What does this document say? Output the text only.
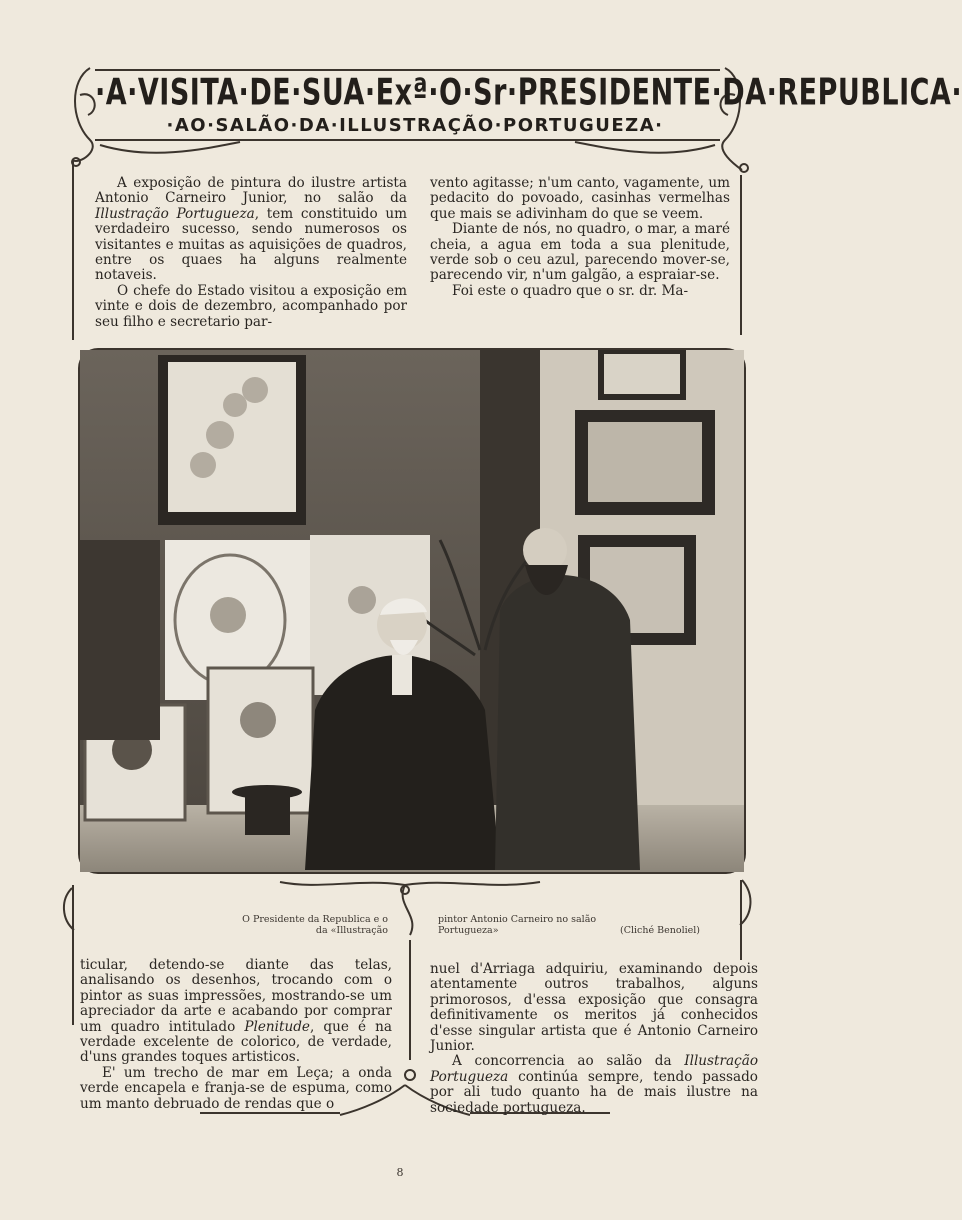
·A·VISITA·DE·SUA·Exª·O·Sr·PRESIDENTE·DA·REPUBLICA·
·AO·SALÃO·DA·ILLUSTRAÇÃO·PORTUGUEZA·

A exposição de pintura do ilustre artista Antonio Carneiro Junior, no salão da Illustração Portugueza, tem constituido um verdadeiro sucesso, sendo numerosos os visitantes e muitas as aquisições de quadros, entre os quaes ha alguns realmente notaveis.

O chefe do Estado visitou a exposição em vinte e dois de dezembro, acompanhado por seu filho e secretario par-

vento agitasse; n'um canto, vagamente, um pedacito do povoado, casinhas vermelhas que mais se adivinham do que se veem.

Diante de nós, no quadro, o mar, a maré cheia, a agua em toda a sua plenitude, verde sob o ceu azul, parecendo mover-se, parecendo vir, n'um galgão, a espraiar-se.

Foi este o quadro que o sr. dr. Ma-

O Presidente da Republica e o
da «Illustração
pintor Antonio Carneiro no salão
Portugueza»	(Cliché Benoliel)

ticular, detendo-se diante das telas, analisando os desenhos, trocando com o pintor as suas impressões, mostrando-se um apreciador da arte e acabando por comprar um quadro intitulado Plenitude, que é na verdade excelente de colorico, de verdade, d'uns grandes toques artisticos.

E' um trecho de mar em Leça; a onda verde encapela e franja-se de espuma, como um manto debruado de rendas que o

nuel d'Arriaga adquiriu, examinando depois atentamente outros trabalhos, alguns primorosos, d'essa exposição que consagra definitivamente os meritos já conhecidos d'esse singular artista que é Antonio Carneiro Junior.

A concorrencia ao salão da Illustração Portugueza continúa sempre, tendo passado por ali tudo quanto ha de mais ilustre na sociedade portugueza.

8
